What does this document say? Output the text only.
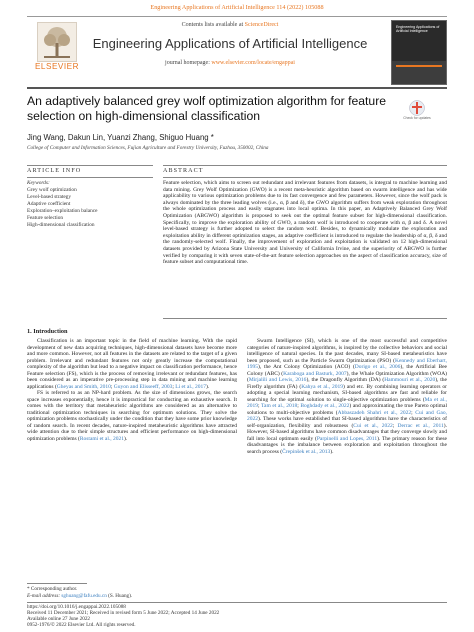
Engineering Applications of Artificial Intelligence 114 (2022) 105088
ELSEVIER
Contents lists available at ScienceDirect
Engineering Applications of Artificial Intelligence
journal homepage: www.elsevier.com/locate/engappai
Engineering Applications of Artificial Intelligence
An adaptively balanced grey wolf optimization algorithm for feature selection on high-dimensional classification	Check for updates
Jing Wang, Dakun Lin, Yuanzi Zhang, Shiguo Huang *
College of Computer and Information Sciences, Fujian Agriculture and Forestry University, Fuzhou, 350002, China
ARTICLE INFO	ABSTRACT
Keywords:
Grey wolf optimization
Level-based strategy
Adaptive coefficient
Exploration–exploitation balance
Feature selection
High-dimensional classification
Feature selection, which aims to screen out redundant and irrelevant features from datasets, is integral to machine learning and data mining. Grey Wolf Optimization (GWO) is a recent meta-heuristic algorithm based on swarm intelligence and has wide applicability to various optimization problems due to its fast convergence and few parameters. However, since the wolf pack is always dominated by the three leading wolves (i.e., α, β and δ), the GWO algorithm suffers from weak exploration throughout the whole optimization process and easily stagnates into local optima. In this paper, an Adaptively Balanced Grey Wolf Optimization (ABGWO) algorithm is proposed to seek out the optimal feature subset for high-dimensional classification. Specifically, to improve the exploration ability of GWO, a random wolf is introduced to cooperate with α, β and δ. A novel level-based strategy is further adopted to select the random wolf. Besides, to dynamically modulate the exploration and exploitation ability in different optimization stages, an adaptive coefficient is introduced to regulate the leadership of α, β, δ and the randomly-selected wolf. Finally, the improvement of exploration and exploitation is validated on 12 high-dimensional datasets provided by Arizona State University and University of California Irvine, and the superiority of ABGWO is further verified by comparing it with seven state-of-the-art feature selection approaches on the aspect of classification accuracy, size of feature subset and computational time.
1. Introduction

Classification is an important topic in the field of machine learning. With the rapid development of new data acquiring techniques, high-dimensional datasets have become more and more common. However, not all features in the datasets are related to the target of a given problem. Irrelevant and redundant features not only greatly increase the computational complexity of the algorithm but lead to a negative impact on classification performance, hence Feature selection (FS), which is the process of removing irrelevant or redundant features, has been considered as an imperative pre-processing step in data mining and machine learning applications (Gheyas and Smith, 2010; Guyon and Elisseeff, 2003; Li et al., 2017).

FS is referred to as an NP-hard problem. As the size of dimensions grows, the search space increases exponentially, hence it is impractical for conducting an exhaustive search. It comes with the territory that metaheuristic algorithms are considered as an alternative to traditional optimization techniques in searching for optimum solutions. They solve the optimization problems stochastically under the condition that they have some prior knowledge of random search. In recent decades, nature-inspired metaheuristic algorithms have attracted wide attention due to their simple structures and efficient performance on high-dimensional optimization problems (Rostami et al., 2021).

Swarm Intelligence (SI), which is one of the most successful and competitive categories of nature-inspired algorithms, is inspired by the collective behaviors and social intelligence of natural species. In the past decades, many SI-based metaheuristics have been proposed, such as the Particle Swarm Optimization (PSO) (Kennedy and Eberhart, 1995), the Ant Colony Optimization (ACO) (Dorigo et al., 2006), the Artificial Bee Colony (ABC) (Karaboga and Basturk, 2007), the Whale Optimization Algorithm (WOA) (Mirjalili and Lewis, 2016), the Dragonfly Algorithm (DA) (Hammouri et al., 2020), the Firefly algorithm (FA) (Kahya et al., 2019) and etc. By combining learning operators or adopting a special learning mechanism, SI-based algorithms are fast and reliable for searching for the optimal solution to single-objective optimization problems (Ma et al., 2019; Tam et al., 2018; Boghdady et al., 2022) and approximating the true Pareto optimal solutions to multi-objective problems (Abbaszadeh Shahri et al., 2022; Cui and Gao, 2022). These works have established that SI-based algorithms have the characteristics of self-organization, flexibility and robustness (Cui et al., 2022; Derrac et al., 2011). However, SI-based algorithms have common disadvantages that they converge slowly and fall into local optimum easily (Parpinelli and Lopes, 2011). The primary reason for these disadvantages is the imbalance between exploration and exploitation throughout the search process (Črepinšek et al., 2013).

* Corresponding author.
E-mail address: sghuang@fafu.edu.cn (S. Huang).
https://doi.org/10.1016/j.engappai.2022.105088
Received 11 December 2021; Received in revised form 5 June 2022; Accepted 14 June 2022
Available online 27 June 2022
0952-1976/© 2022 Elsevier Ltd. All rights reserved.
